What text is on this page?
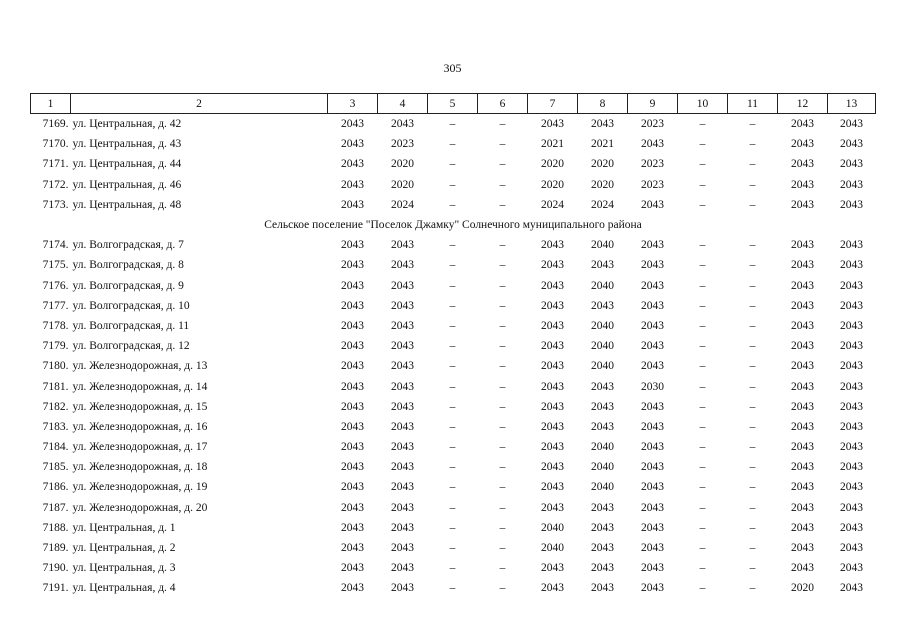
305
1	2	3	4	5	6	7	8	9	10	11	12	13
7169.	ул. Центральная, д. 42	2043	2043	–	–	2043	2043	2023	–	–	2043	2043
7170.	ул. Центральная, д. 43	2043	2023	–	–	2021	2021	2043	–	–	2043	2043
7171.	ул. Центральная, д. 44	2043	2020	–	–	2020	2020	2023	–	–	2043	2043
7172.	ул. Центральная, д. 46	2043	2020	–	–	2020	2020	2023	–	–	2043	2043
7173.	ул. Центральная, д. 48	2043	2024	–	–	2024	2024	2043	–	–	2043	2043
Сельское поселение "Поселок Джамку" Солнечного муниципального района												
7174.	ул. Волгоградская, д. 7	2043	2043	–	–	2043	2040	2043	–	–	2043	2043
7175.	ул. Волгоградская, д. 8	2043	2043	–	–	2043	2043	2043	–	–	2043	2043
7176.	ул. Волгоградская, д. 9	2043	2043	–	–	2043	2040	2043	–	–	2043	2043
7177.	ул. Волгоградская, д. 10	2043	2043	–	–	2043	2043	2043	–	–	2043	2043
7178.	ул. Волгоградская, д. 11	2043	2043	–	–	2043	2040	2043	–	–	2043	2043
7179.	ул. Волгоградская, д. 12	2043	2043	–	–	2043	2040	2043	–	–	2043	2043
7180.	ул. Железнодорожная, д. 13	2043	2043	–	–	2043	2040	2043	–	–	2043	2043
7181.	ул. Железнодорожная, д. 14	2043	2043	–	–	2043	2043	2030	–	–	2043	2043
7182.	ул. Железнодорожная, д. 15	2043	2043	–	–	2043	2043	2043	–	–	2043	2043
7183.	ул. Железнодорожная, д. 16	2043	2043	–	–	2043	2043	2043	–	–	2043	2043
7184.	ул. Железнодорожная, д. 17	2043	2043	–	–	2043	2040	2043	–	–	2043	2043
7185.	ул. Железнодорожная, д. 18	2043	2043	–	–	2043	2040	2043	–	–	2043	2043
7186.	ул. Железнодорожная, д. 19	2043	2043	–	–	2043	2040	2043	–	–	2043	2043
7187.	ул. Железнодорожная, д. 20	2043	2043	–	–	2043	2043	2043	–	–	2043	2043
7188.	ул. Центральная, д. 1	2043	2043	–	–	2040	2043	2043	–	–	2043	2043
7189.	ул. Центральная, д. 2	2043	2043	–	–	2040	2043	2043	–	–	2043	2043
7190.	ул. Центральная, д. 3	2043	2043	–	–	2043	2043	2043	–	–	2043	2043
7191.	ул. Центральная, д. 4	2043	2043	–	–	2043	2043	2043	–	–	2020	2043
